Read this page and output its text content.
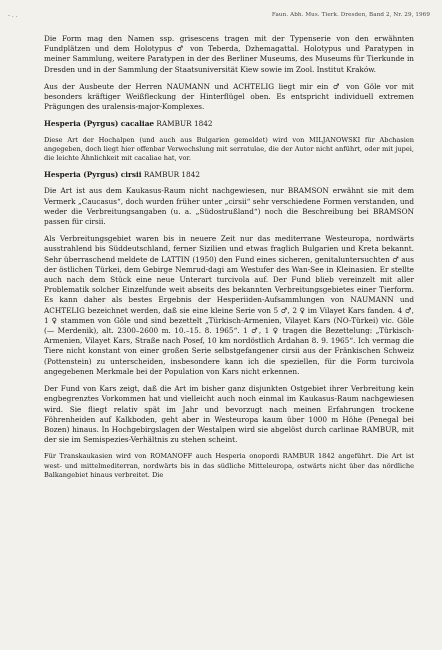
- . .	Faun. Abh. Mus. Tierk. Dresden, Band 2, Nr. 29, 1969

Die Form mag den Namen ssp. grisescens tragen mit der Typenserie von den erwähnten Fundplätzen und dem Holotypus ♂ von Teberda, Dzhemagattal. Holotypus und Paratypen in meiner Sammlung, weitere Paratypen in der des Berliner Museums, des Museums für Tierkunde in Dresden und in der Sammlung der Staatsuniversität Kiew sowie im Zool. Institut Kraków.

Aus der Ausbeute der Herren NAUMANN und ACHTELIG liegt mir ein ♂ von Göle vor mit besonders kräftiger Weißfleckung der Hinterflügel oben. Es entspricht individuell extremen Prägungen des uralensis-major-Komplexes.

Hesperia (Pyrgus) cacaliae RAMBUR 1842

Diese Art der Hochalpen (und auch aus Bulgarien gemeldet) wird von MILJANOWSKI für Abchasien angegeben, doch liegt hier offenbar Verwechslung mit serratulae, die der Autor nicht anführt, oder mit jupei, die leichte Ähnlichkeit mit cacaliae hat, vor.

Hesperia (Pyrgus) cirsii RAMBUR 1842

Die Art ist aus dem Kaukasus-Raum nicht nachgewiesen, nur BRAMSON erwähnt sie mit dem Vermerk „Caucasus“, doch wurden früher unter „cirsii“ sehr verschiedene Formen verstanden, und weder die Verbreitungsangaben (u. a. „Südostrußland“) noch die Beschreibung bei BRAMSON passen für cirsii.

Als Verbreitungsgebiet waren bis in neuere Zeit nur das mediterrane Westeuropa, nordwärts ausstrahlend bis Süddeutschland, ferner Sizilien und etwas fraglich Bulgarien und Kreta bekannt. Sehr überraschend meldete de LATTIN (1950) den Fund eines sicheren, genitaluntersuchten ♂ aus der östlichen Türkei, dem Gebirge Nemrud-dagi am Westufer des Wan-See in Kleinasien. Er stellte auch nach dem Stück eine neue Unterart turcivola auf. Der Fund blieb vereinzelt mit aller Problematik solcher Einzelfunde weit abseits des bekannten Verbreitungsgebietes einer Tierform. Es kann daher als bestes Ergebnis der Hesperiiden-Aufsammlungen von NAUMANN und ACHTELIG bezeichnet werden, daß sie eine kleine Serie von 5 ♂, 2 ♀ im Vilayet Kars fanden. 4 ♂, 1 ♀ stammen von Göle und sind bezettelt „Türkisch-Armenien, Vilayet Kars (NO-Türkei) vic. Göle (— Merdenik), alt. 2300–2600 m. 10.–15. 8. 1965“. 1 ♂, 1 ♀ tragen die Bezettelung: „Türkisch-Armenien, Vilayet Kars, Straße nach Posef, 10 km nordöstlich Ardahan 8. 9. 1965“. Ich vermag die Tiere nicht konstant von einer großen Serie selbstgefangener cirsii aus der Fränkischen Schweiz (Pottenstein) zu unterscheiden, insbesondere kann ich die speziellen, für die Form turcivola angegebenen Merkmale bei der Population von Kars nicht erkennen.

Der Fund von Kars zeigt, daß die Art im bisher ganz disjunkten Ostgebiet ihrer Verbreitung kein engbegrenztes Vorkommen hat und vielleicht auch noch einmal im Kaukasus-Raum nachgewiesen wird. Sie fliegt relativ spät im Jahr und bevorzugt nach meinen Erfahrungen trockene Föhrenheiden auf Kalkboden, geht aber in Westeuropa kaum über 1000 m Höhe (Penegal bei Bozen) hinaus. In Hochgebirgslagen der Westalpen wird sie abgelöst durch carlinae RAMBUR, mit der sie im Semispezies-Verhältnis zu stehen scheint.

Für Transkaukasien wird von ROMANOFF auch Hesperia onopordi RAMBUR 1842 angeführt. Die Art ist west- und mittelmediterran, nordwärts bis in das südliche Mitteleuropa, ostwärts nicht über das nördliche Balkangebiet hinaus verbreitet. Die
